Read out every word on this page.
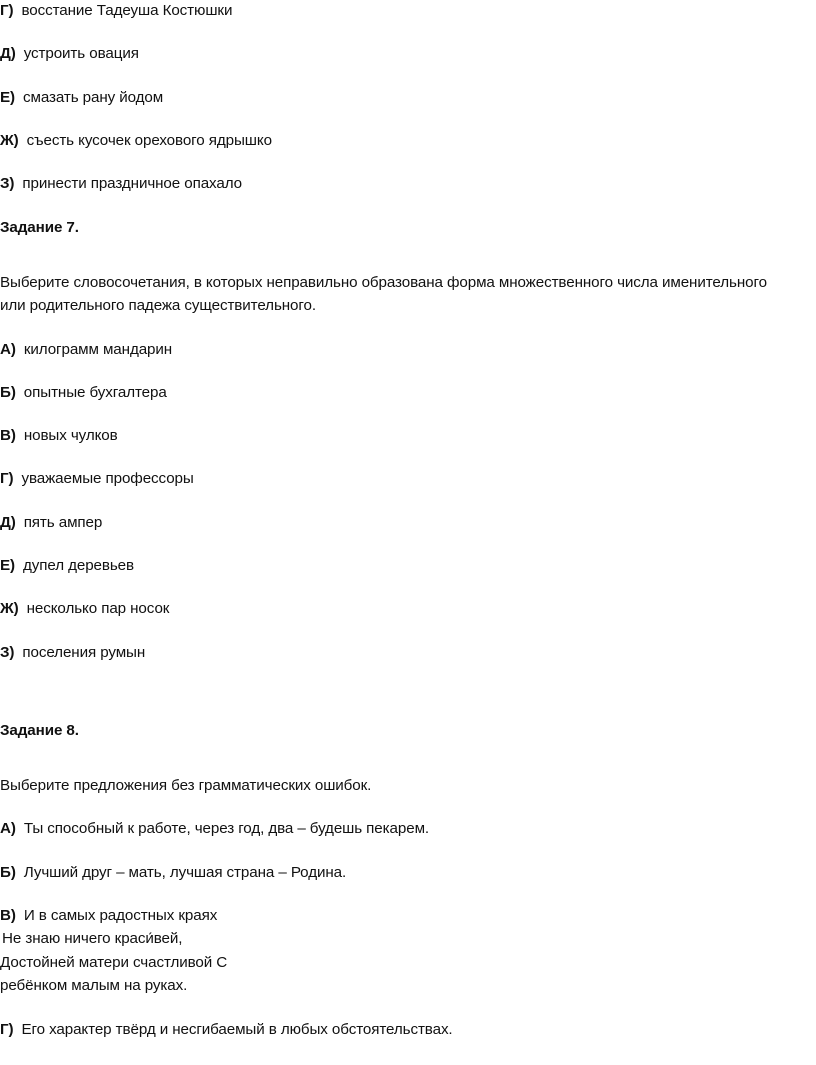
Г) восстание Тадеуша Костюшки
Д) устроить овация
Е) смазать рану йодом
Ж) съесть кусочек орехового ядрышко
З) принести праздничное опахало
Задание 7.
Выберите словосочетания, в которых неправильно образована форма множественного числа именительного
или родительного падежа существительного.
А) килограмм мандарин
Б) опытные бухгалтера
В) новых чулков
Г) уважаемые профессоры
Д) пять ампер
Е) дупел деревьев
Ж) несколько пар носок
З) поселения румын
Задание 8.
Выберите предложения без грамматических ошибок.
А) Ты способный к работе, через год, два – будешь пекарем.
Б) Лучший друг – мать, лучшая страна – Родина.
В) И в самых радостных краях
Не знаю ничего краси́вей,
Достойней матери счастливой С
ребёнком малым на руках.
Г) Его характер твёрд и несгибаемый в любых обстоятельствах.
